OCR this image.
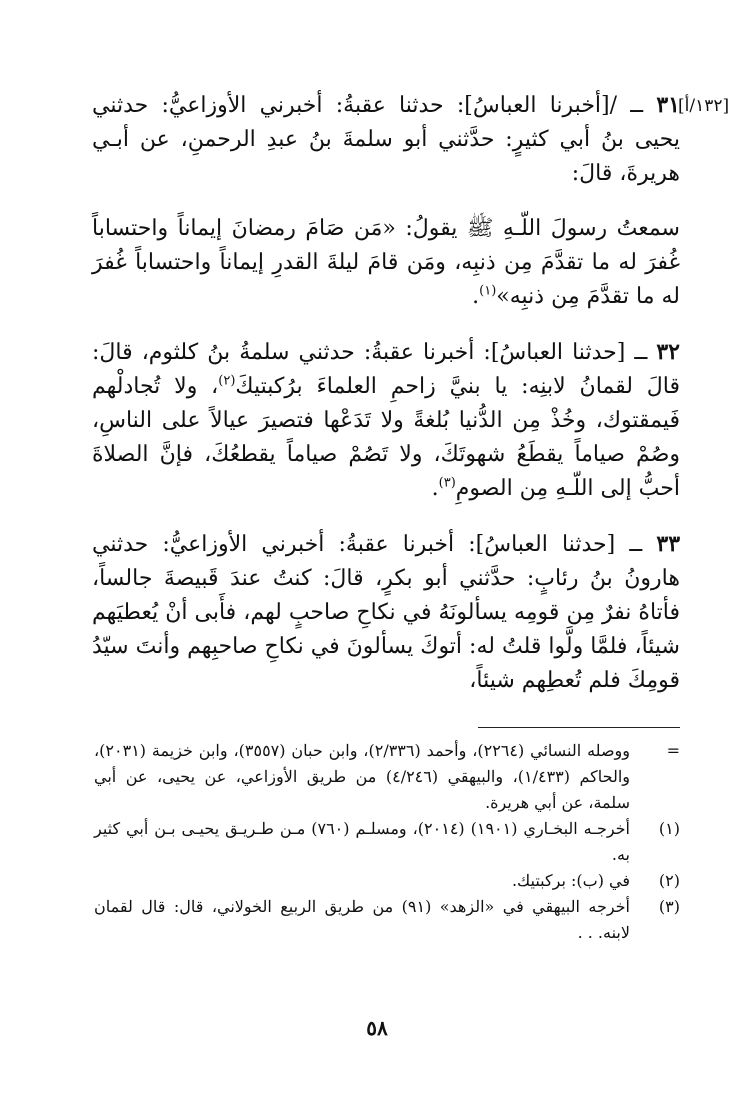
[١٣٢/أ]

٣١ ــ /[أخبرنا العباسُ]: حدثنا عقبةُ: أخبرني الأوزاعيُّ: حدثني يحيى بنُ أبي كثيرٍ: حدَّثني أبو سلمةَ بنُ عبدِ الرحمنِ، عن أبـي هريرةَ، قالَ:

سمعتُ رسولَ اللّـهِ ﷺ يقولُ: «مَن صَامَ رمضانَ إيماناً واحتساباً غُفرَ له ما تقدَّمَ مِن ذنبِه، ومَن قامَ ليلةَ القدرِ إيماناً واحتساباً غُفرَ له ما تقدَّمَ مِن ذنبِه»$^{(١)}$.

٣٢ ــ [حدثنا العباسُ]: أخبرنا عقبةُ: حدثني سلمةُ بنُ كلثوم، قالَ: قالَ لقمانُ لابنِه: يا بنيَّ زاحمِ العلماءَ برُكبتيكَ$^{(٢)}$، ولا تُجادلْهم فَيمقتوك، وخُذْ مِن الدُّنيا بُلغةً ولا تَدَعْها فتصيرَ عيالاً على الناسِ، وصُمْ صياماً يقطَعُ شهوتَكَ، ولا تَصُمْ صياماً يقطعُكَ، فإنَّ الصلاةَ أحبُّ إلى اللّـهِ مِن الصومِ$^{(٣)}$.

٣٣ ــ [حدثنا العباسُ]: أخبرنا عقبةُ: أخبرني الأوزاعيُّ: حدثني هارونُ بنُ رئابٍ: حدَّثني أبو بكرٍ، قالَ: كنتُ عندَ قَبيصةَ جالساً، فأتاهُ نفرٌ مِن قومِه يسألونَهُ في نكاحِ صاحبٍ لهم، فأَبى أنْ يُعطيَهم شيئاً، فلمَّا ولَّوا قلتُ له: أتوكَ يسألونَ في نكاحِ صاحبِهم وأنتَ سيّدُ قومِكَ فلم تُعطِهم شيئاً،

=
ووصله النسائي (٢٢٦٤)، وأحمد (٢/٣٣٦)، وابن حبان (٣٥٥٧)، وابن خزيمة (٢٠٣١)، والحاكم (١/٤٣٣)، والبيهقي (٤/٢٤٦) من طريق الأوزاعي، عن يحيى، عن أبي سلمة، عن أبي هريرة.
(١)
أخرجـه البخـاري (١٩٠١) (٢٠١٤)، ومسلـم (٧٦٠) مـن طـريـق يحيـى بـن أبي كثير به.
(٢)
في (ب): بركبتيك.
(٣)
أخرجه البيهقي في «الزهد» (٩١) من طريق الربيع الخولاني، قال: قال لقمان لابنه. . .
٥٨
